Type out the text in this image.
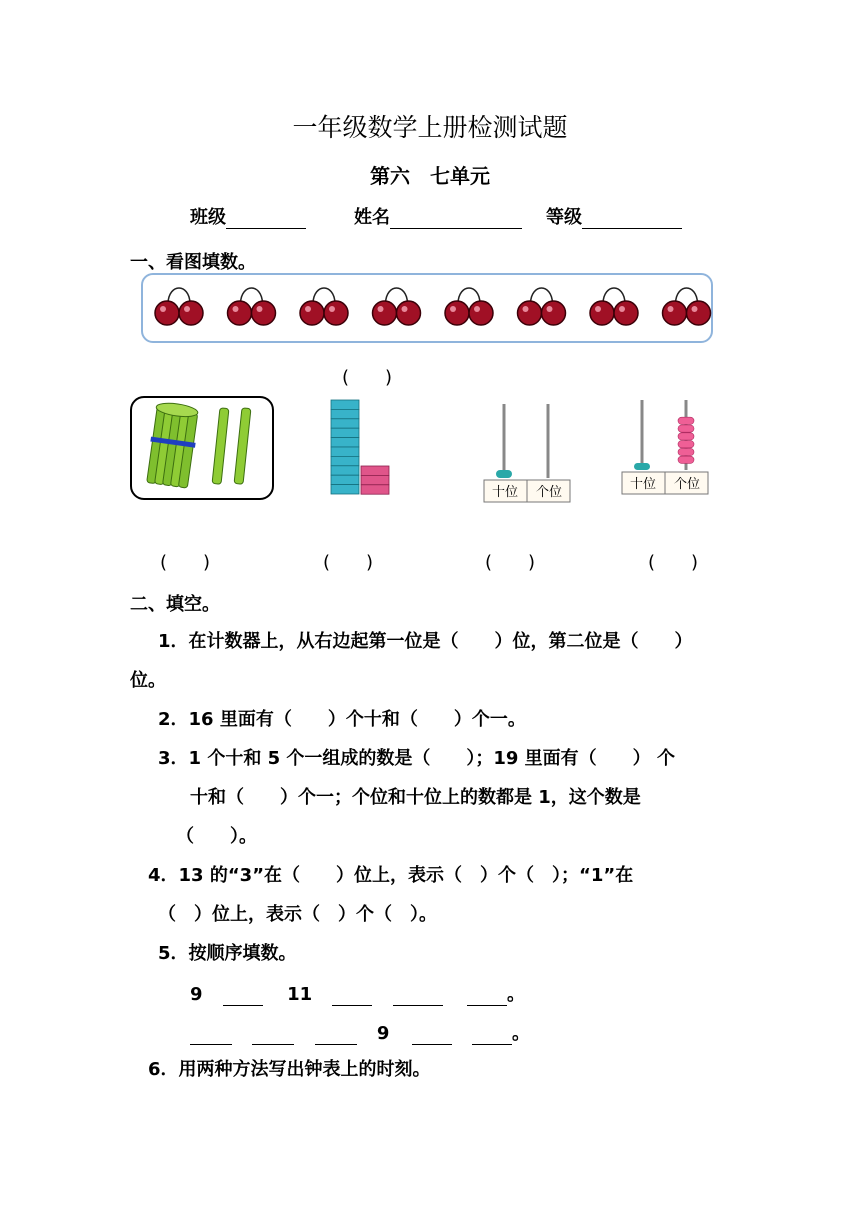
一年级数学上册检测试题
第六　七单元
班级	姓名	等级
一、看图填数。
(　　)
十位 个位
十位 个位
(　　)	(　　)	(　　)	(　　)
二、填空。
1．在计数器上，从右边起第一位是（　　）位，第二位是（　　）
位。
2．16 里面有（　　）个十和（　　）个一。
3．1 个十和 5 个一组成的数是（　　）；19 里面有（　　） 个
十和（　　）个一；个位和十位上的数都是 1，这个数是
（　　）。
4．13 的“3”在（　　）位上，表示（　）个（　）；“1”在
（　）位上，表示（　）个（　）。
5．按顺序填数。
9	11	。
9	。
6．用两种方法写出钟表上的时刻。
